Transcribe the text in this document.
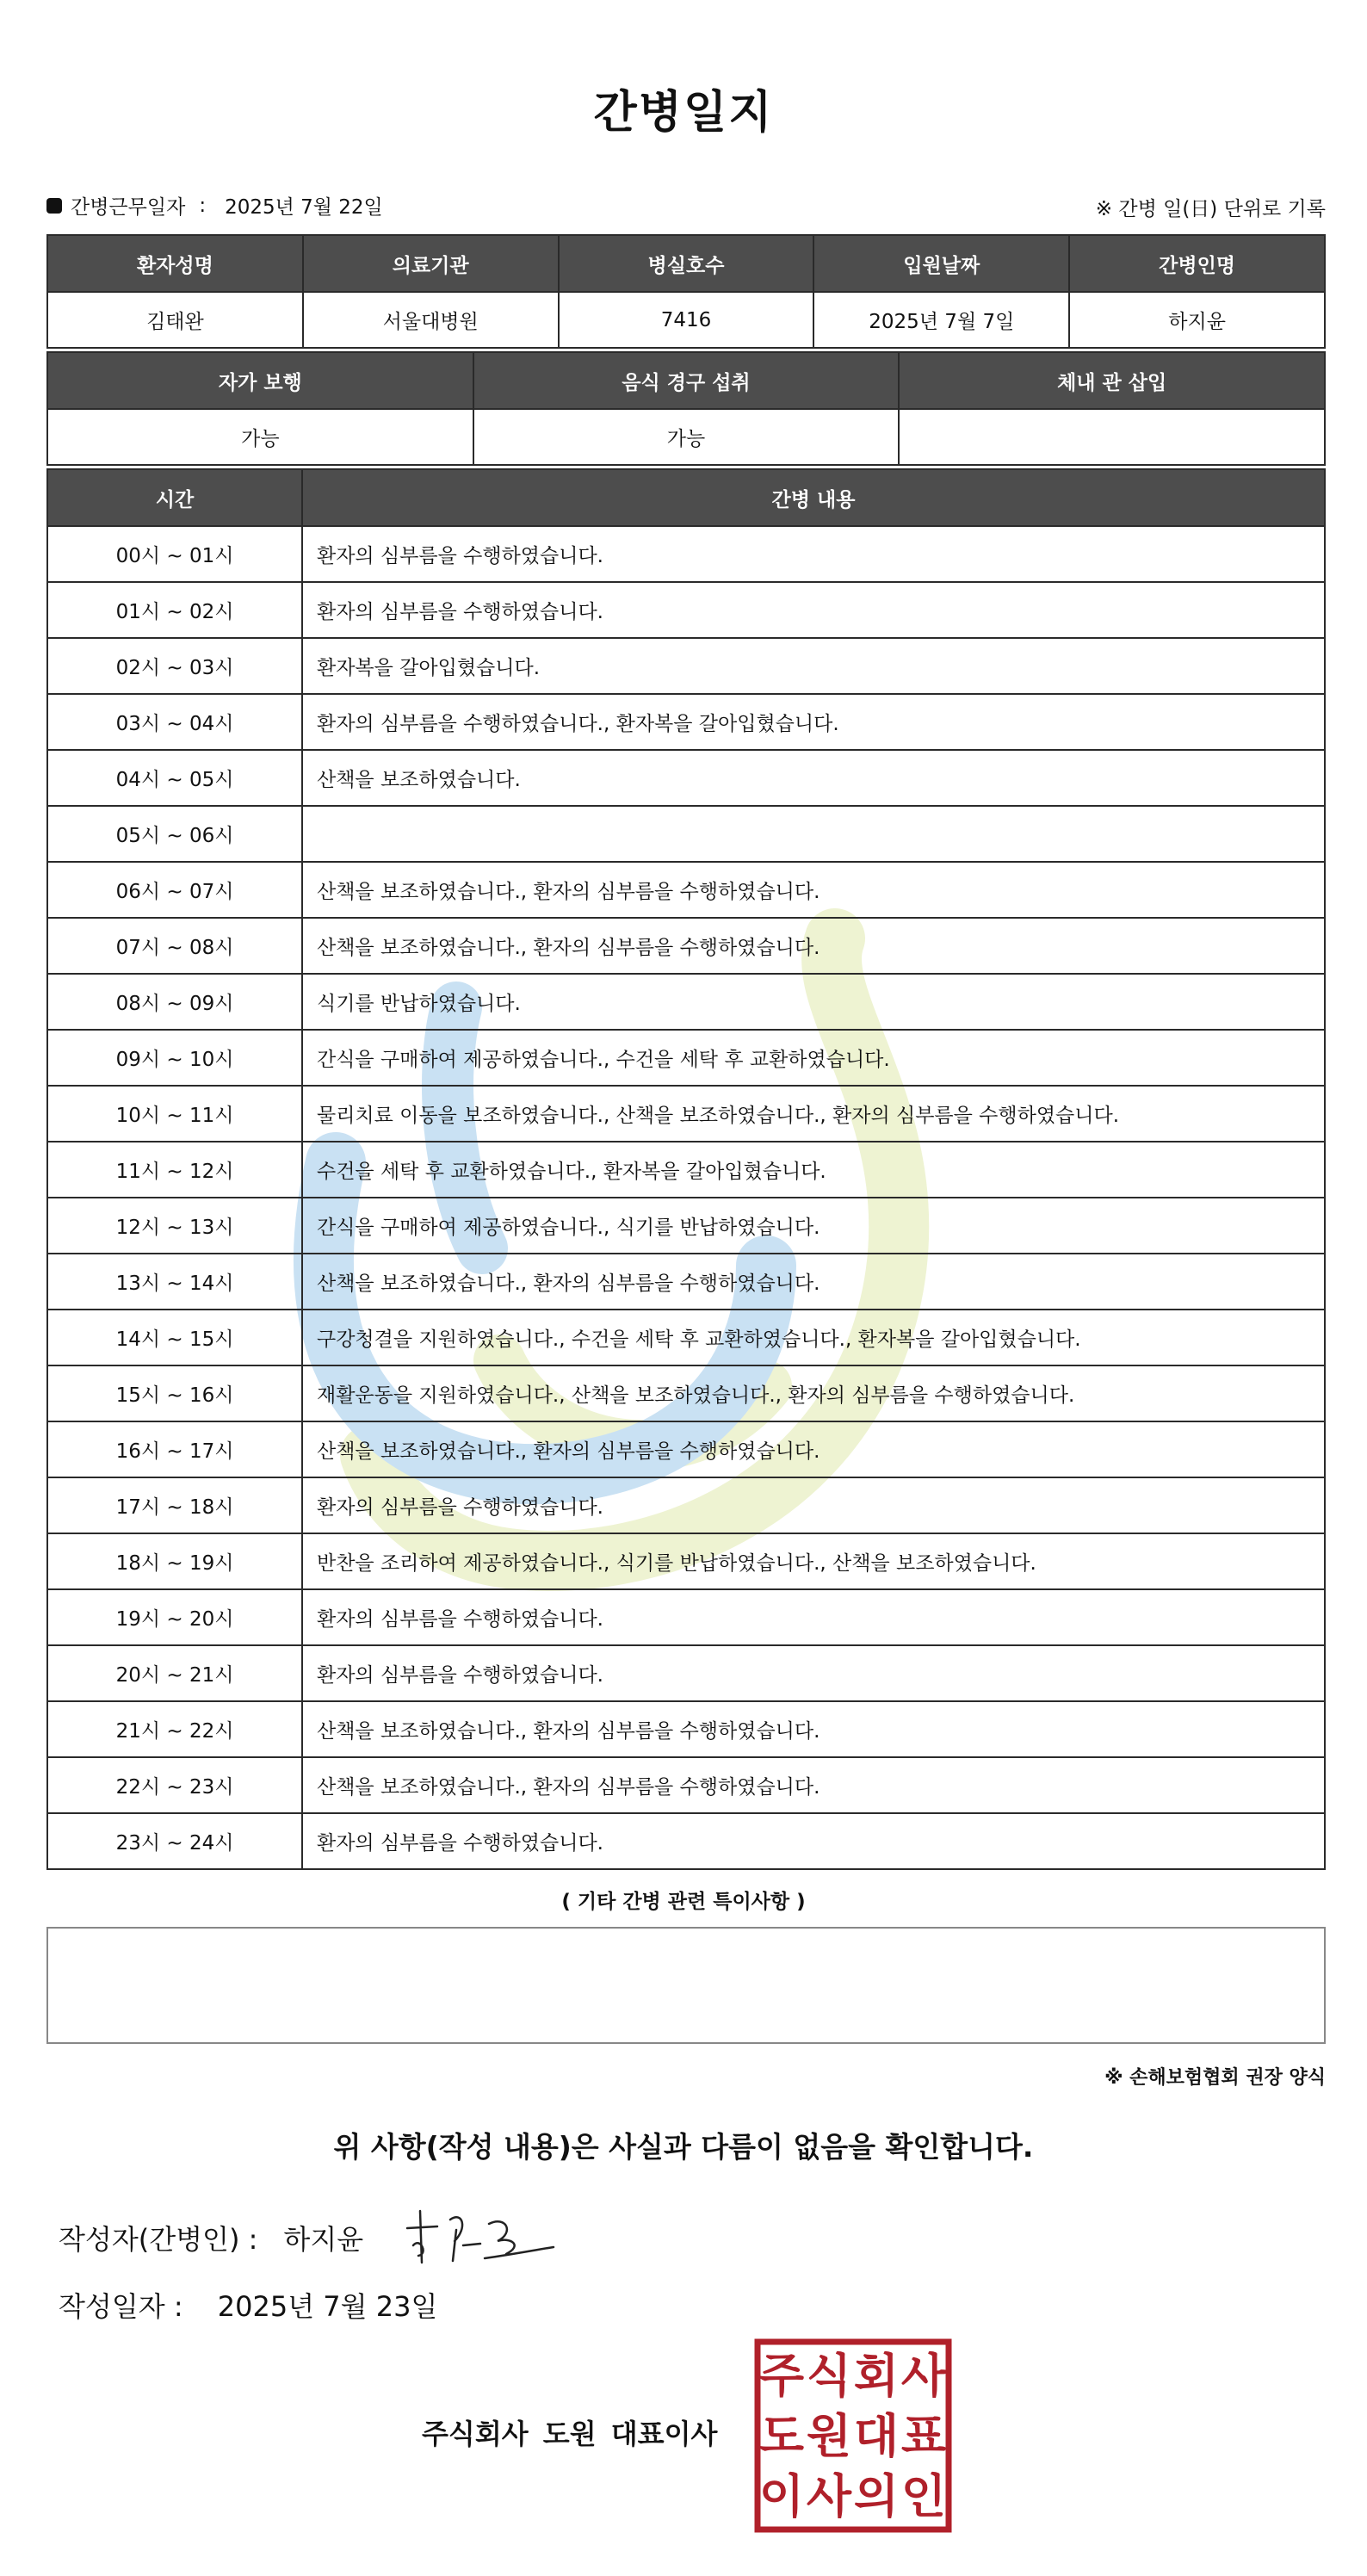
간병일지
간병근무일자 : 2025년 7월 22일	※ 간병 일(日) 단위로 기록
환자성명	의료기관	병실호수	입원날짜	간병인명
김태완	서울대병원	7416	2025년 7월 7일	하지윤
자가 보행	음식 경구 섭취	체내 관 삽입
가능	가능	
시간	간병 내용
00시 ~ 01시	환자의 심부름을 수행하였습니다.
01시 ~ 02시	환자의 심부름을 수행하였습니다.
02시 ~ 03시	환자복을 갈아입혔습니다.
03시 ~ 04시	환자의 심부름을 수행하였습니다., 환자복을 갈아입혔습니다.
04시 ~ 05시	산책을 보조하였습니다.
05시 ~ 06시	
06시 ~ 07시	산책을 보조하였습니다., 환자의 심부름을 수행하였습니다.
07시 ~ 08시	산책을 보조하였습니다., 환자의 심부름을 수행하였습니다.
08시 ~ 09시	식기를 반납하였습니다.
09시 ~ 10시	간식을 구매하여 제공하였습니다., 수건을 세탁 후 교환하였습니다.
10시 ~ 11시	물리치료 이동을 보조하였습니다., 산책을 보조하였습니다., 환자의 심부름을 수행하였습니다.
11시 ~ 12시	수건을 세탁 후 교환하였습니다., 환자복을 갈아입혔습니다.
12시 ~ 13시	간식을 구매하여 제공하였습니다., 식기를 반납하였습니다.
13시 ~ 14시	산책을 보조하였습니다., 환자의 심부름을 수행하였습니다.
14시 ~ 15시	구강청결을 지원하였습니다., 수건을 세탁 후 교환하였습니다., 환자복을 갈아입혔습니다.
15시 ~ 16시	재활운동을 지원하였습니다., 산책을 보조하였습니다., 환자의 심부름을 수행하였습니다.
16시 ~ 17시	산책을 보조하였습니다., 환자의 심부름을 수행하였습니다.
17시 ~ 18시	환자의 심부름을 수행하였습니다.
18시 ~ 19시	반찬을 조리하여 제공하였습니다., 식기를 반납하였습니다., 산책을 보조하였습니다.
19시 ~ 20시	환자의 심부름을 수행하였습니다.
20시 ~ 21시	환자의 심부름을 수행하였습니다.
21시 ~ 22시	산책을 보조하였습니다., 환자의 심부름을 수행하였습니다.
22시 ~ 23시	산책을 보조하였습니다., 환자의 심부름을 수행하였습니다.
23시 ~ 24시	환자의 심부름을 수행하였습니다.
( 기타 간병 관련 특이사항 )
※ 손해보험협회 권장 양식
위 사항(작성 내용)은 사실과 다름이 없음을 확인합니다.
작성자(간병인) : 하지윤
작성일자 : 2025년 7월 23일
주식회사 도원 대표이사
주 식 회 사
도 원 대 표
이 사 의 인
